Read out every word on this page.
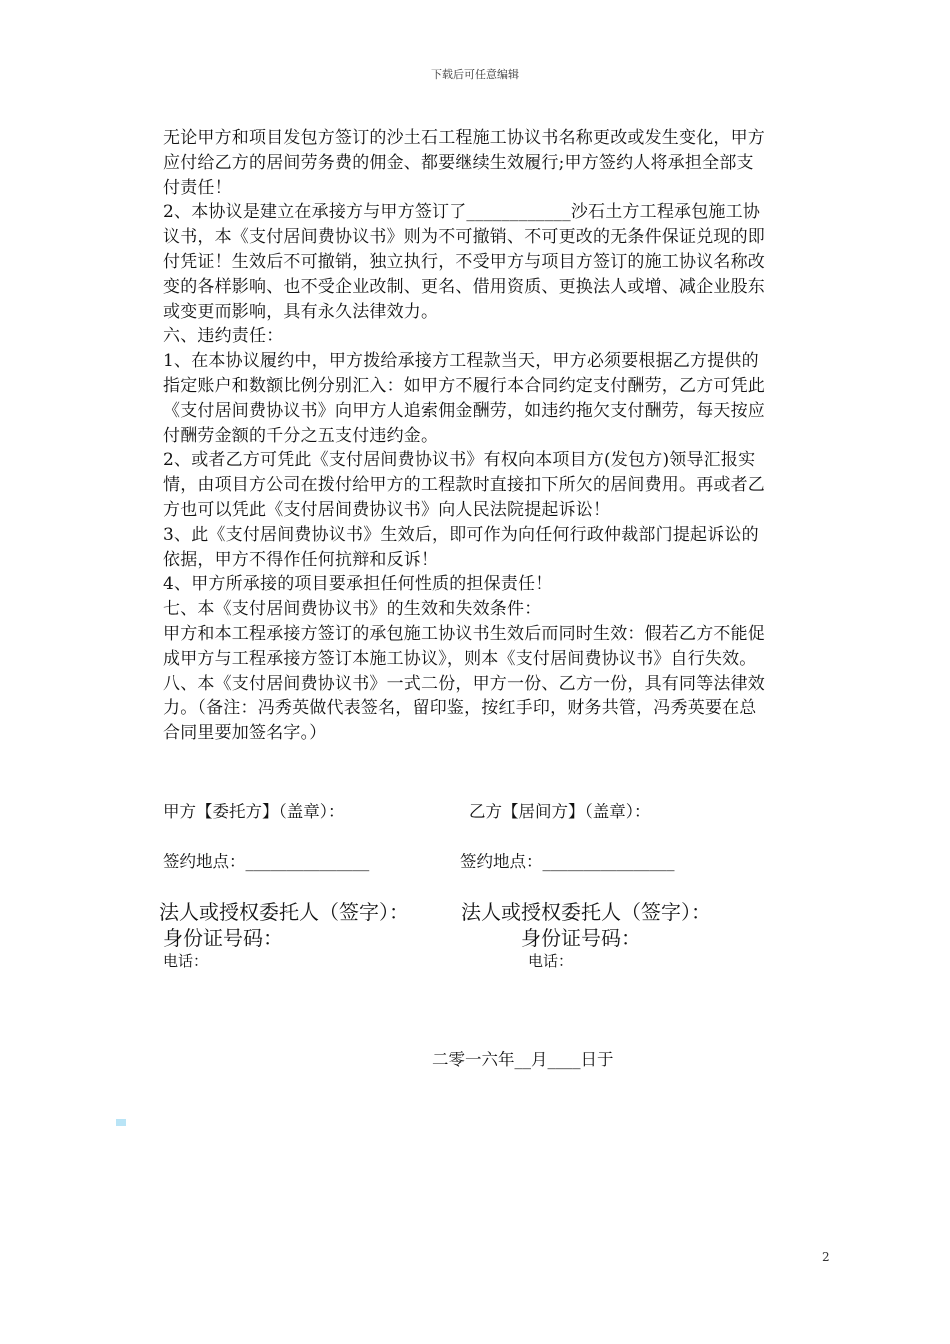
下载后可任意编辑
无论甲方和项目发包方签订的沙土石工程施工协议书名称更改或发生变化，甲方
应付给乙方的居间劳务费的佣金、都要继续生效履行;甲方签约人将承担全部支
付责任！
2、本协议是建立在承接方与甲方签订了____________沙石土方工程承包施工协
议书，本《支付居间费协议书》则为不可撤销、不可更改的无条件保证兑现的即
付凭证！生效后不可撤销，独立执行，不受甲方与项目方签订的施工协议名称改
变的各样影响、也不受企业改制、更名、借用资质、更换法人或增、减企业股东
或变更而影响，具有永久法律效力。
六、违约责任：
1、在本协议履约中，甲方拨给承接方工程款当天，甲方必须要根据乙方提供的
指定账户和数额比例分别汇入：如甲方不履行本合同约定支付酬劳，乙方可凭此
《支付居间费协议书》向甲方人追索佣金酬劳，如违约拖欠支付酬劳，每天按应
付酬劳金额的千分之五支付违约金。
2、或者乙方可凭此《支付居间费协议书》有权向本项目方(发包方)领导汇报实
情，由项目方公司在拨付给甲方的工程款时直接扣下所欠的居间费用。再或者乙
方也可以凭此《支付居间费协议书》向人民法院提起诉讼！
3、此《支付居间费协议书》生效后，即可作为向任何行政仲裁部门提起诉讼的
依据，甲方不得作任何抗辩和反诉！
4、甲方所承接的项目要承担任何性质的担保责任！
七、本《支付居间费协议书》的生效和失效条件：
甲方和本工程承接方签订的承包施工协议书生效后而同时生效：假若乙方不能促
成甲方与工程承接方签订本施工协议》，则本《支付居间费协议书》自行失效。
八、本《支付居间费协议书》一式二份，甲方一份、乙方一份，具有同等法律效
力。（备注：冯秀英做代表签名，留印鉴，按红手印，财务共管，冯秀英要在总
合同里要加签名字。）
甲方【委托方】（盖章）：	乙方【居间方】（盖章）：
签约地点：_______________	签约地点：________________
法人或授权委托人（签字）：	法人或授权委托人（签字）：
身份证号码：	身份证号码：
电话：	电话：
二零一六年__月____日于
2
